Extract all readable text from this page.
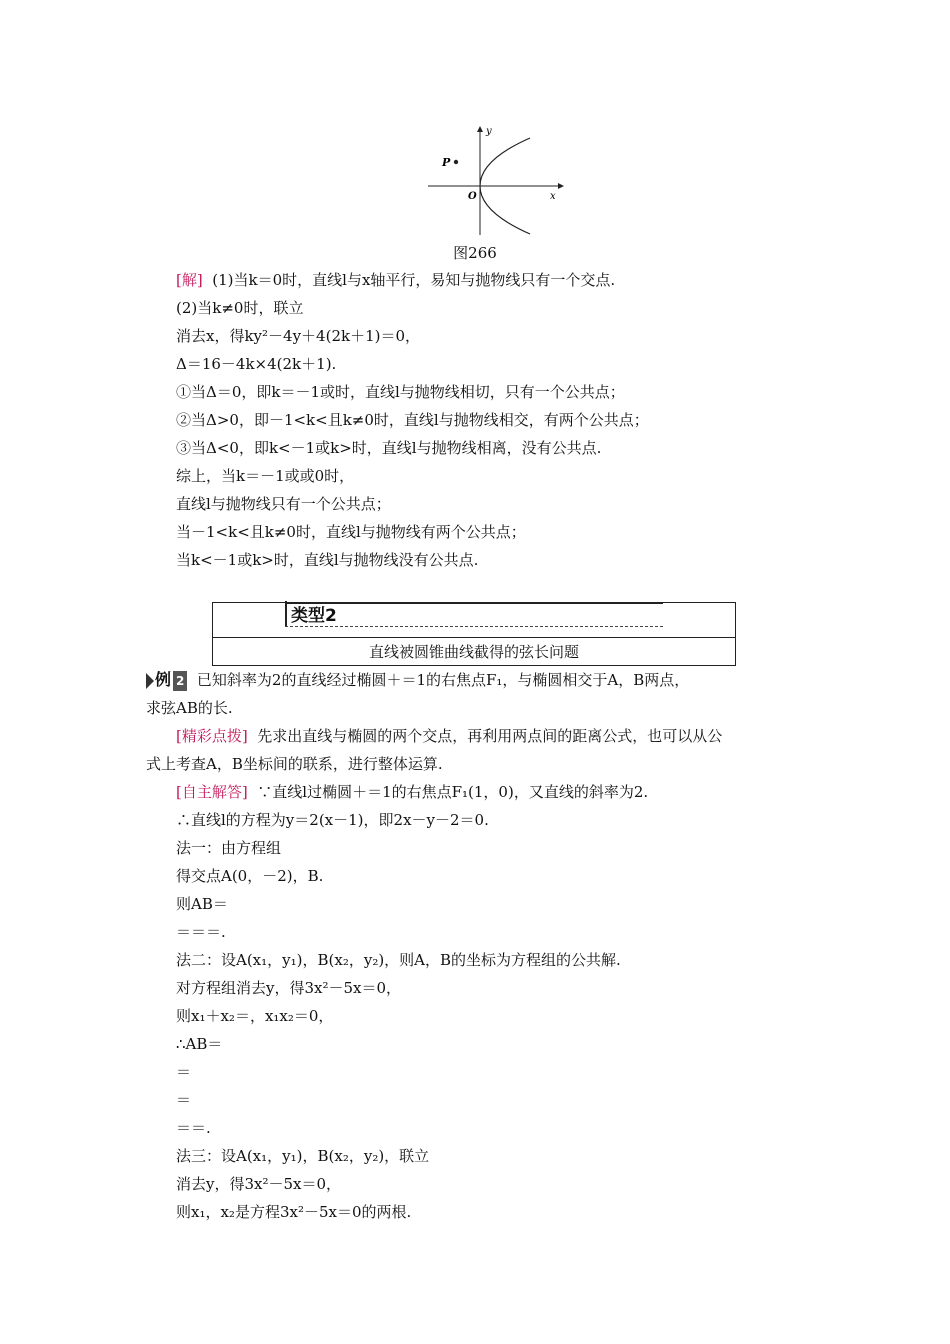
P
y
x
O
图266
[解] (1)当k＝0时，直线l与x轴平行，易知与抛物线只有一个交点.
(2)当k≠0时，联立
消去x，得ky²－4y＋4(2k＋1)＝0，
Δ＝16－4k×4(2k＋1).
①当Δ＝0，即k＝－1或时，直线l与抛物线相切，只有一个公共点；
②当Δ>0，即－1<k<且k≠0时，直线l与抛物线相交，有两个公共点；
③当Δ<0，即k<－1或k>时，直线l与抛物线相离，没有公共点.
综上，当k＝－1或或0时，
直线l与抛物线只有一个公共点；
当－1<k<且k≠0时，直线l与抛物线有两个公共点；
当k<－1或k>时，直线l与抛物线没有公共点.
类型2
直线被圆锥曲线截得的弦长问题
例 2 已知斜率为2的直线经过椭圆＋＝1的右焦点F₁，与椭圆相交于A，B两点，
求弦AB的长.
[精彩点拨] 先求出直线与椭圆的两个交点，再利用两点间的距离公式，也可以从公
式上考查A，B坐标间的联系，进行整体运算.
[自主解答] ∵直线l过椭圆＋＝1的右焦点F₁(1，0)，又直线的斜率为2.
∴直线l的方程为y＝2(x－1)，即2x－y－2＝0.
法一：由方程组
得交点A(0，－2)，B.
则AB＝
＝＝＝.
法二：设A(x₁，y₁)，B(x₂，y₂)，则A，B的坐标为方程组的公共解.
对方程组消去y，得3x²－5x＝0，
则x₁＋x₂＝，x₁x₂＝0，
∴AB＝
＝
＝
＝＝.
法三：设A(x₁，y₁)，B(x₂，y₂)，联立
消去y，得3x²－5x＝0，
则x₁，x₂是方程3x²－5x＝0的两根.
